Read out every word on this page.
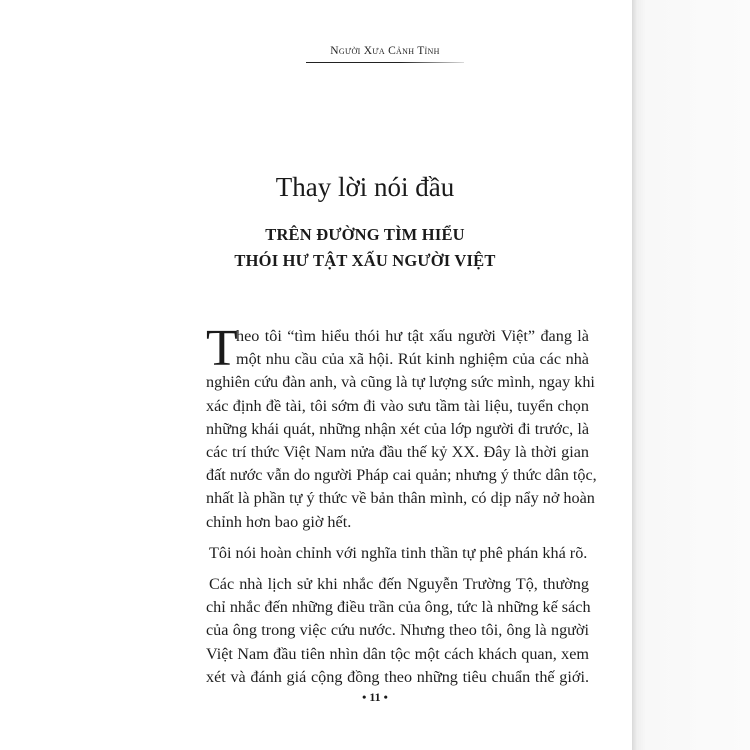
Người Xưa Cảnh Tỉnh
Thay lời nói đầu
TRÊN ĐƯỜNG TÌM HIỂU
THÓI HƯ TẬT XẤU NGƯỜI VIỆT
T
heo tôi “tìm hiểu thói hư tật xấu người Việt” đang là
một nhu cầu của xã hội. Rút kinh nghiệm của các nhà
nghiên cứu đàn anh, và cũng là tự lượng sức mình, ngay khi
xác định đề tài, tôi sớm đi vào sưu tầm tài liệu, tuyển chọn
những khái quát, những nhận xét của lớp người đi trước, là
các trí thức Việt Nam nửa đầu thế kỷ XX. Đây là thời gian
đất nước vẫn do người Pháp cai quản; nhưng ý thức dân tộc,
nhất là phần tự ý thức về bản thân mình, có dịp nẩy nở hoàn
chỉnh hơn bao giờ hết.
Tôi nói hoàn chỉnh với nghĩa tinh thần tự phê phán khá rõ.
Các nhà lịch sử khi nhắc đến Nguyễn Trường Tộ, thường
chỉ nhắc đến những điều trần của ông, tức là những kế sách
của ông trong việc cứu nước. Nhưng theo tôi, ông là người
Việt Nam đầu tiên nhìn dân tộc một cách khách quan, xem
xét và đánh giá cộng đồng theo những tiêu chuẩn thế giới.
• 11 •
